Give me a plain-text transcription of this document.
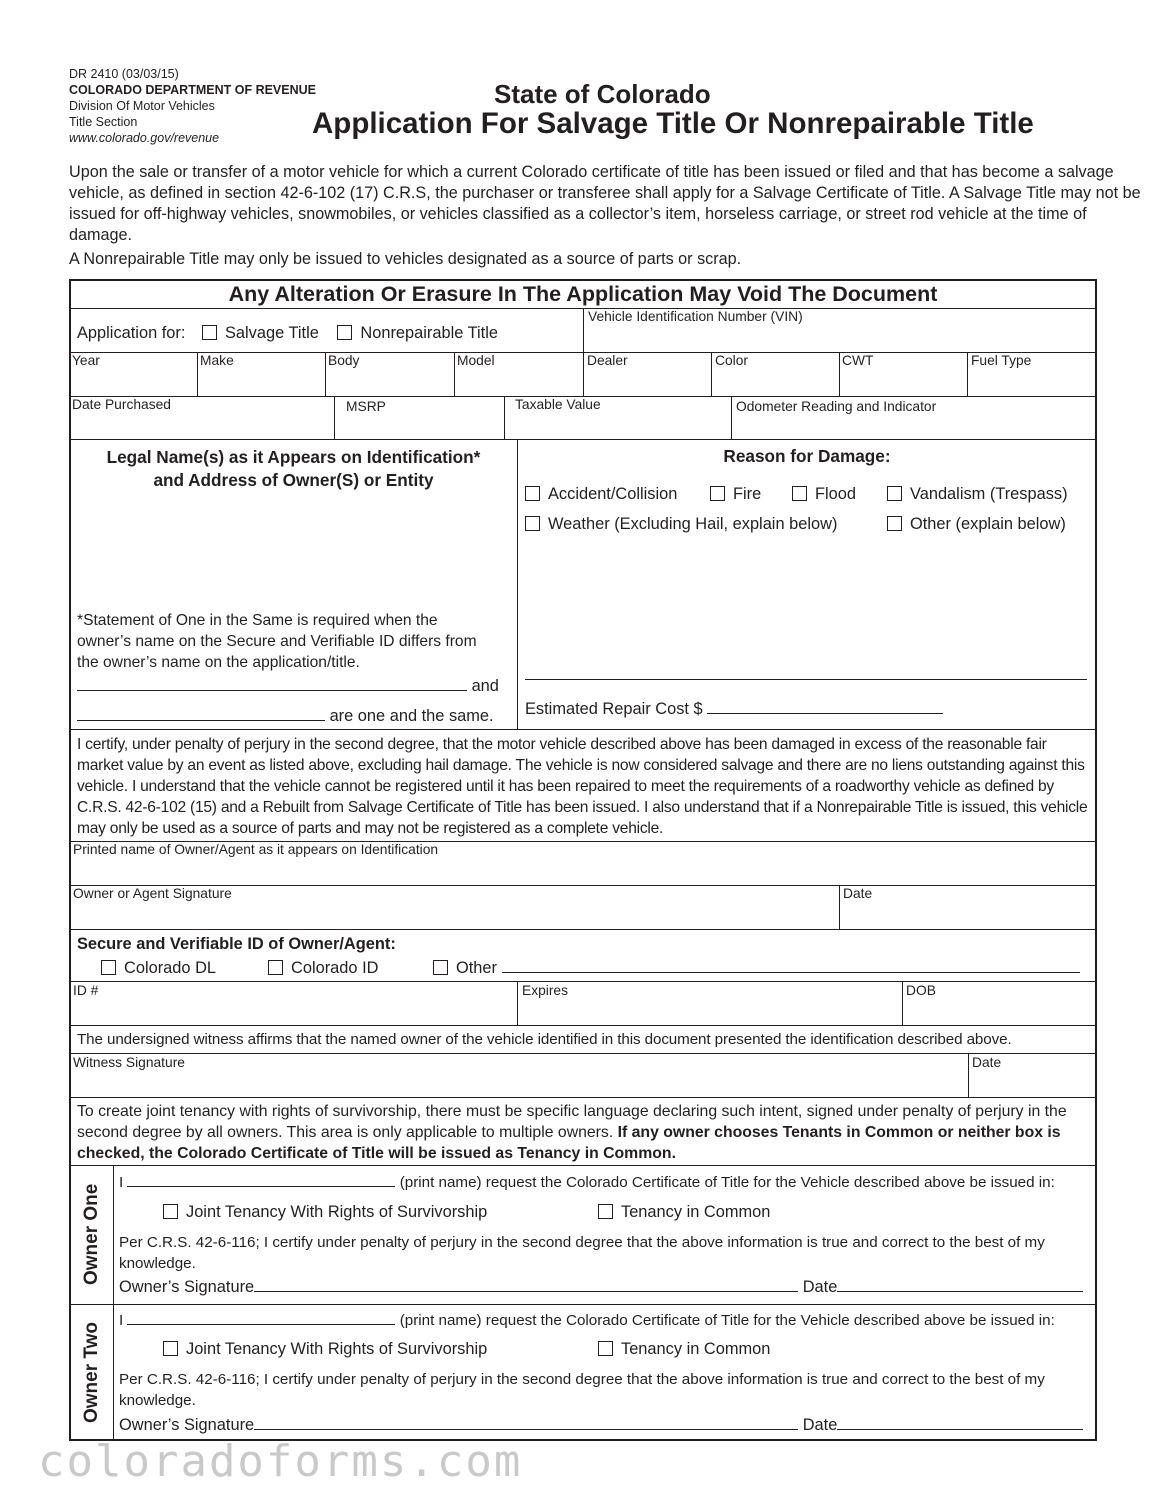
DR 2410 (03/03/15)
COLORADO DEPARTMENT OF REVENUE
Division Of Motor Vehicles
Title Section
www.colorado.gov/revenue
State of Colorado
Application For Salvage Title Or Nonrepairable Title
Upon the sale or transfer of a motor vehicle for which a current Colorado certificate of title has been issued or filed and that has become a salvage vehicle, as defined in section 42-6-102 (17) C.R.S, the purchaser or transferee shall apply for a Salvage Certificate of Title. A Salvage Title may not be issued for off-highway vehicles, snowmobiles, or vehicles classified as a collector’s item, horseless carriage, or street rod vehicle at the time of damage.
A Nonrepairable Title may only be issued to vehicles designated as a source of parts or scrap.
Any Alteration Or Erasure In The Application May Void The Document
Application for: Salvage Title	Nonrepairable Title
Vehicle Identification Number (VIN)
Year	Make	Body	Model	Dealer	Color	CWT	Fuel Type
Date Purchased	MSRP	Taxable Value	Odometer Reading and Indicator
Legal Name(s) as it Appears on Identification*
and Address of Owner(S) or Entity
*Statement of One in the Same is required when the
owner’s name on the Secure and Verifiable ID differs from
the owner’s name on the application/title.
and
are one and the same.
Reason for Damage:
Accident/Collision	Fire	Flood	Vandalism (Trespass)
Weather (Excluding Hail, explain below)	Other (explain below)
Estimated Repair Cost $
I certify, under penalty of perjury in the second degree, that the motor vehicle described above has been damaged in excess of the reasonable fair market value by an event as listed above, excluding hail damage. The vehicle is now considered salvage and there are no liens outstanding against this vehicle. I understand that the vehicle cannot be registered until it has been repaired to meet the requirements of a roadworthy vehicle as defined by C.R.S. 42-6-102 (15) and a Rebuilt from Salvage Certificate of Title has been issued. I also understand that if a Nonrepairable Title is issued, this vehicle may only be used as a source of parts and may not be registered as a complete vehicle.
Printed name of Owner/Agent as it appears on Identification
Owner or Agent Signature	Date
Secure and Verifiable ID of Owner/Agent:
Colorado DL	Colorado ID	Other
ID #	Expires	DOB
The undersigned witness affirms that the named owner of the vehicle identified in this document presented the identification described above.
Witness Signature	Date
To create joint tenancy with rights of survivorship, there must be specific language declaring such intent, signed under penalty of perjury in the second degree by all owners. This area is only applicable to multiple owners. If any owner chooses Tenants in Common or neither box is checked, the Colorado Certificate of Title will be issued as Tenancy in Common.
Owner One
I	(print name) request the Colorado Certificate of Title for the Vehicle described above be issued in:
Joint Tenancy With Rights of Survivorship	Tenancy in Common
Per C.R.S. 42-6-116; I certify under penalty of perjury in the second degree that the above information is true and correct to the best of my knowledge.
Owner’s Signature	Date
Owner Two
I	(print name) request the Colorado Certificate of Title for the Vehicle described above be issued in:
Joint Tenancy With Rights of Survivorship	Tenancy in Common
Per C.R.S. 42-6-116; I certify under penalty of perjury in the second degree that the above information is true and correct to the best of my knowledge.
Owner’s Signature	Date
coloradoforms.com
